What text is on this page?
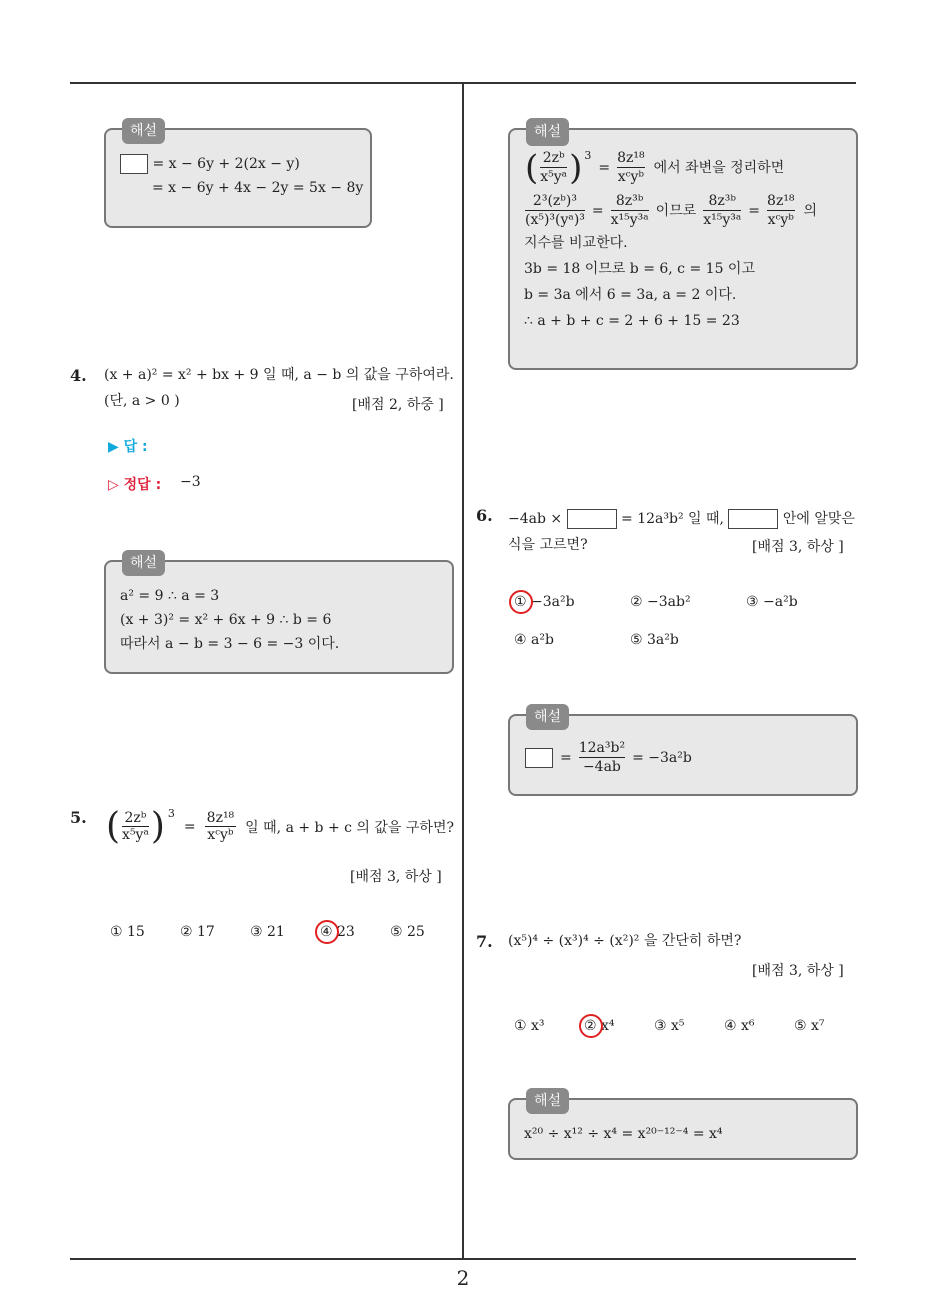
해설
= x − 6y + 2(2x − y)
= x − 6y + 4x − 2y = 5x − 8y
4. (x + a)² = x² + bx + 9 일 때, a − b 의 값을 구하여라.
(단, a > 0 )	[배점 2, 하중 ]
▶ 답 :
▷ 정답 : −3
해설
a² = 9 ∴ a = 3
(x + 3)² = x² + 6x + 9 ∴ b = 6
따라서 a − b = 3 − 6 = −3 이다.
5. (	2zᵇ
x⁵yᵃ	)	3	=	
8z¹⁸
xᶜyᵇ	일 때, a + b + c 의 값을 구하면?
[배점 3, 하상 ]
① 15	② 17	③ 21	④ 23	⑤ 25
해설
(	2zᵇ
x⁵yᵃ	)	3	=	
8z¹⁸
xᶜyᵇ
	에서 좌변을 정리하면
2³(zᵇ)³
(x⁵)³(yᵃ)³
	=	
8z³ᵇ
x¹⁵y³ᵃ
	이므로	
8z³ᵇ
x¹⁵y³ᵃ
	=	
8z¹⁸
xᶜyᵇ
	의
지수를 비교한다.
3b = 18 이므로 b = 6, c = 15 이고
b = 3a 에서 6 = 3a, a = 2 이다.
∴ a + b + c = 2 + 6 + 15 = 23
6. −4ab ×	= 12a³b² 일 때,	안에 알맞은
식을 고르면?	[배점 3, 하상 ]
① −3a²b	② −3ab²	③ −a²b
④ a²b	⑤ 3a²b
해설
	=	
12a³b²
−4ab
	= −3a²b
7. (x⁵)⁴ ÷ (x³)⁴ ÷ (x²)² 을 간단히 하면?
[배점 3, 하상 ]
① x³	② x⁴	③ x⁵	④ x⁶	⑤ x⁷
해설
x²⁰ ÷ x¹² ÷ x⁴ = x²⁰⁻¹²⁻⁴ = x⁴
2
